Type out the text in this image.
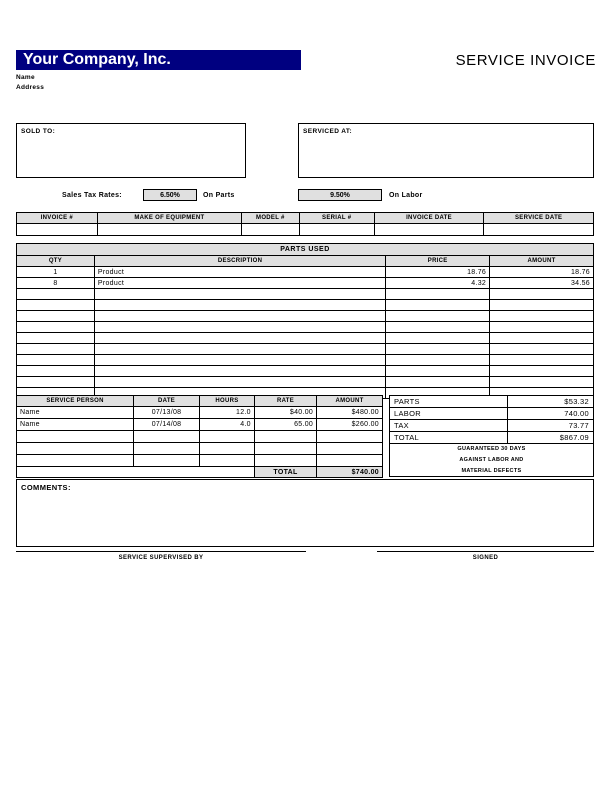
Your Company, Inc.
Name
Address
SERVICE INVOICE
SOLD TO:	SERVICED AT:
Sales Tax Rates:	6.50%	On Parts	9.50%	On Labor
INVOICE #	MAKE OF EQUIPMENT	MODEL #	SERIAL #	INVOICE DATE	SERVICE DATE

PARTS USED			
QTY	DESCRIPTION	PRICE	AMOUNT
1	Product	18.76	18.76
8	Product	4.32	34.56

SERVICE PERSON	DATE	HOURS	RATE	AMOUNT
Name	07/13/08	12.0	$40.00	$480.00
Name	07/14/08	4.0	65.00	$260.00

			TOTAL	$740.00
PARTS	$53.32
LABOR	740.00
TAX	73.77
TOTAL	$867.09
GUARANTEED 30 DAYS	
AGAINST LABOR AND	
MATERIAL DEFECTS	
COMMENTS:
SERVICE SUPERVISED BY	SIGNED
